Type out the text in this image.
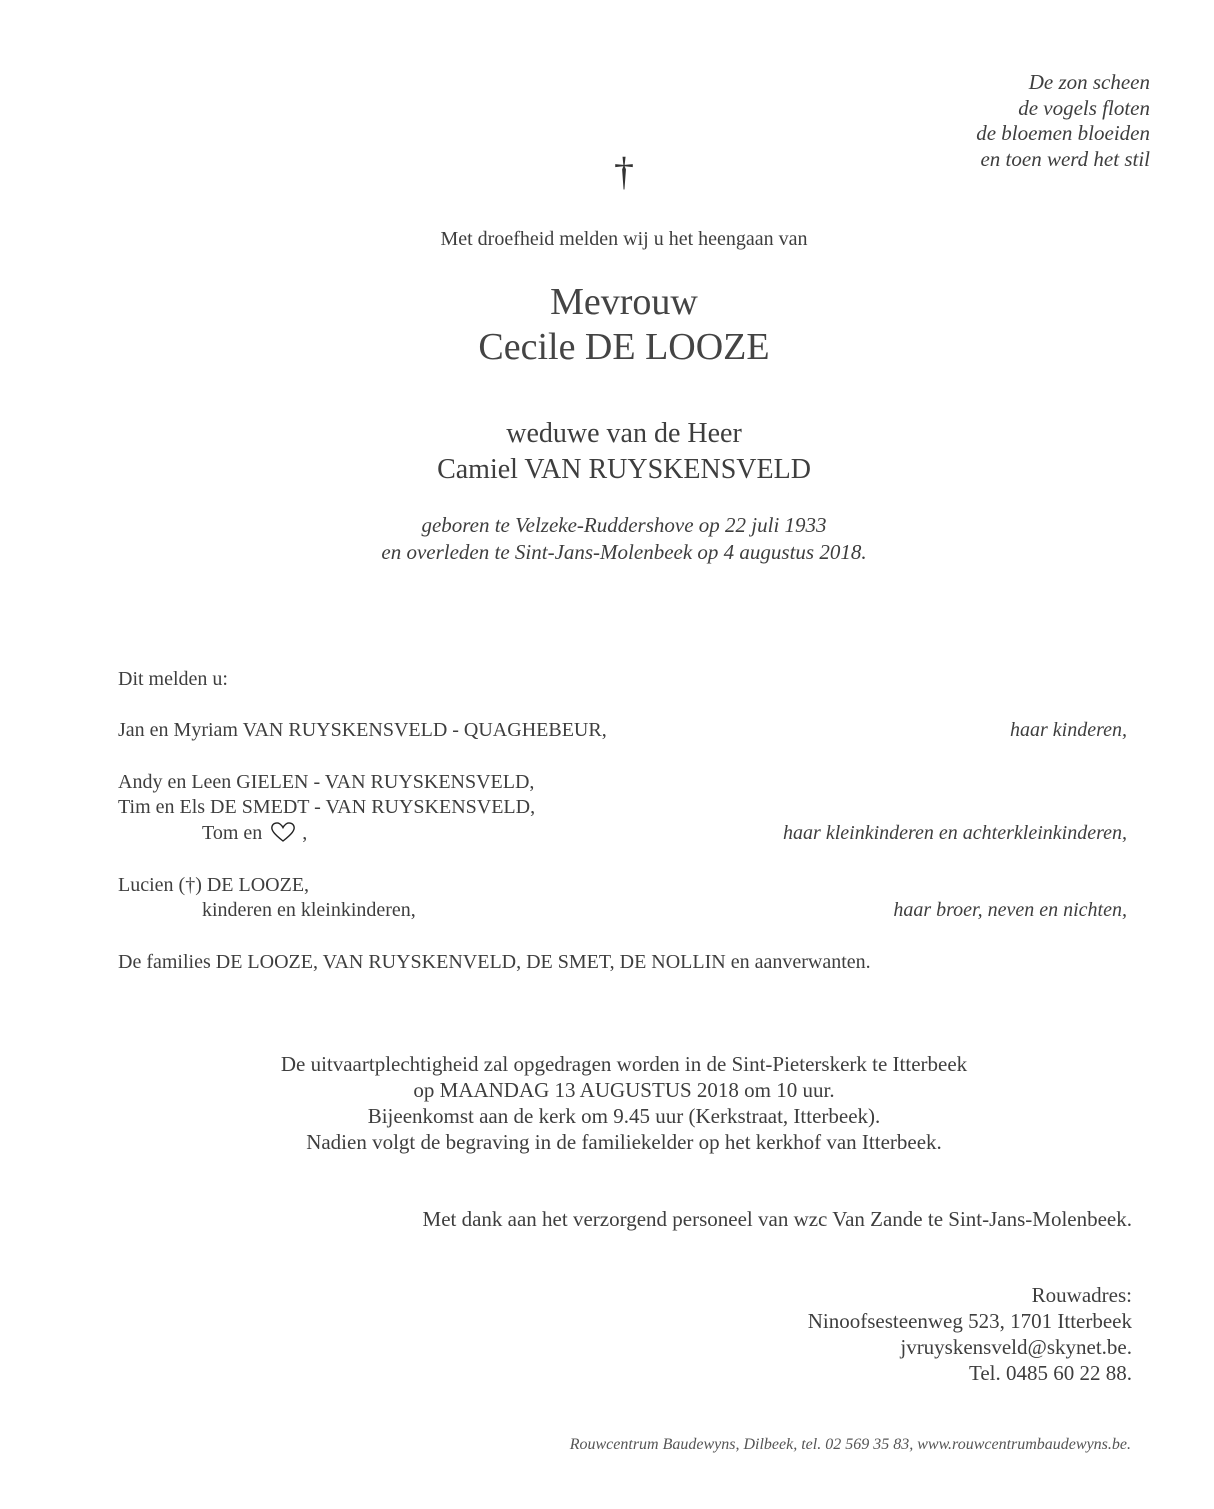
De zon scheen
de vogels floten
de bloemen bloeiden
en toen werd het stil
†
Met droefheid melden wij u het heengaan van
Mevrouw
Cecile DE LOOZE
weduwe van de Heer
Camiel VAN RUYSKENSVELD
geboren te Velzeke-Ruddershove op 22 juli 1933
en overleden te Sint-Jans-Molenbeek op 4 augustus 2018.
Dit melden u:
Jan en Myriam VAN RUYSKENSVELD - QUAGHEBEUR,	haar kinderen,
Andy en Leen GIELEN - VAN RUYSKENSVELD,
Tim en Els DE SMEDT - VAN RUYSKENSVELD,
Tom en ,	haar kleinkinderen en achterkleinkinderen,
Lucien (†) DE LOOZE,
kinderen en kleinkinderen,	haar broer, neven en nichten,
De families DE LOOZE, VAN RUYSKENVELD, DE SMET, DE NOLLIN en aanverwanten.
De uitvaartplechtigheid zal opgedragen worden in de Sint-Pieterskerk te Itterbeek
op MAANDAG 13 AUGUSTUS 2018 om 10 uur.
Bijeenkomst aan de kerk om 9.45 uur (Kerkstraat, Itterbeek).
Nadien volgt de begraving in de familiekelder op het kerkhof van Itterbeek.
Met dank aan het verzorgend personeel van wzc Van Zande te Sint-Jans-Molenbeek.
Rouwadres:
Ninoofsesteenweg 523, 1701 Itterbeek
jvruyskensveld@skynet.be.
Tel. 0485 60 22 88.
Rouwcentrum Baudewyns, Dilbeek, tel. 02 569 35 83, www.rouwcentrumbaudewyns.be.
